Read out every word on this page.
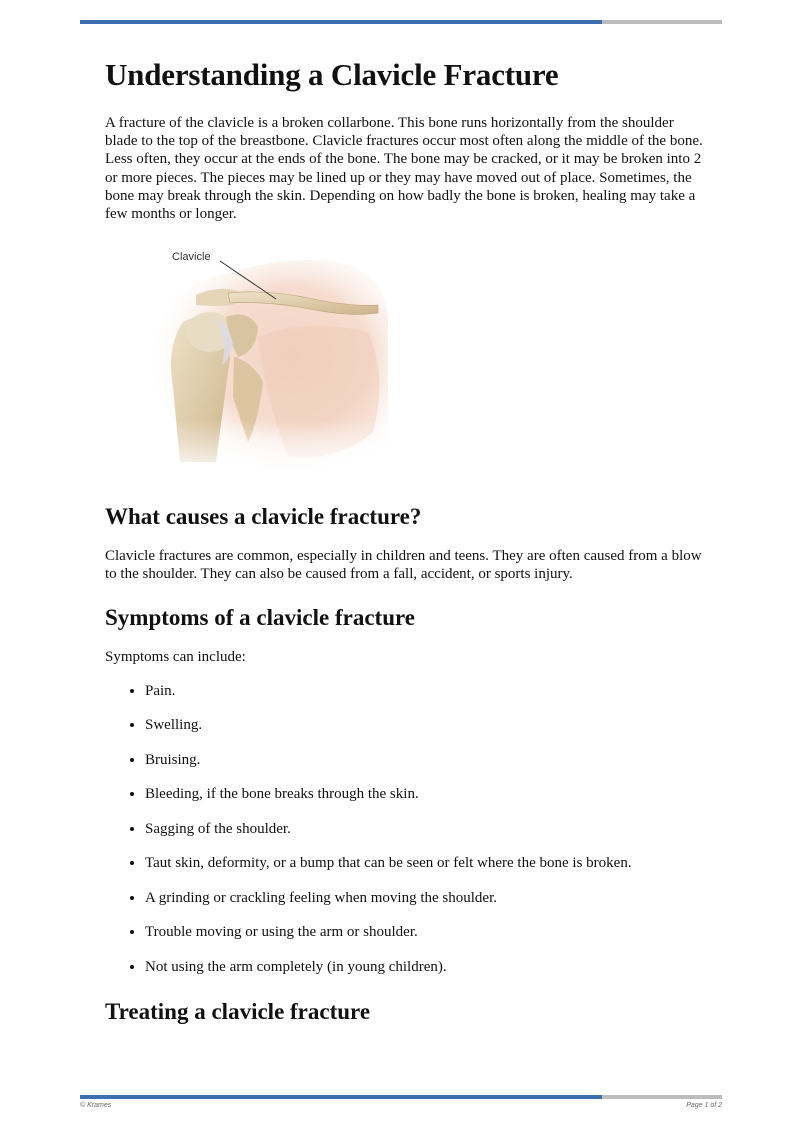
Understanding a Clavicle Fracture

A fracture of the clavicle is a broken collarbone. This bone runs horizontally from the shoulder blade to the top of the breastbone. Clavicle fractures occur most often along the middle of the bone. Less often, they occur at the ends of the bone. The bone may be cracked, or it may be broken into 2 or more pieces. The pieces may be lined up or they may have moved out of place. Sometimes, the bone may break through the skin. Depending on how badly the bone is broken, healing may take a few months or longer.

Clavicle
What causes a clavicle fracture?

Clavicle fractures are common, especially in children and teens. They are often caused from a blow to the shoulder. They can also be caused from a fall, accident, or sports injury.

Symptoms of a clavicle fracture

Symptoms can include:

• Pain.
• Swelling.
• Bruising.
• Bleeding, if the bone breaks through the skin.
• Sagging of the shoulder.
• Taut skin, deformity, or a bump that can be seen or felt where the bone is broken.
• A grinding or crackling feeling when moving the shoulder.
• Trouble moving or using the arm or shoulder.
• Not using the arm completely (in young children).
Treating a clavicle fracture
© Krames	Page 1 of 2
